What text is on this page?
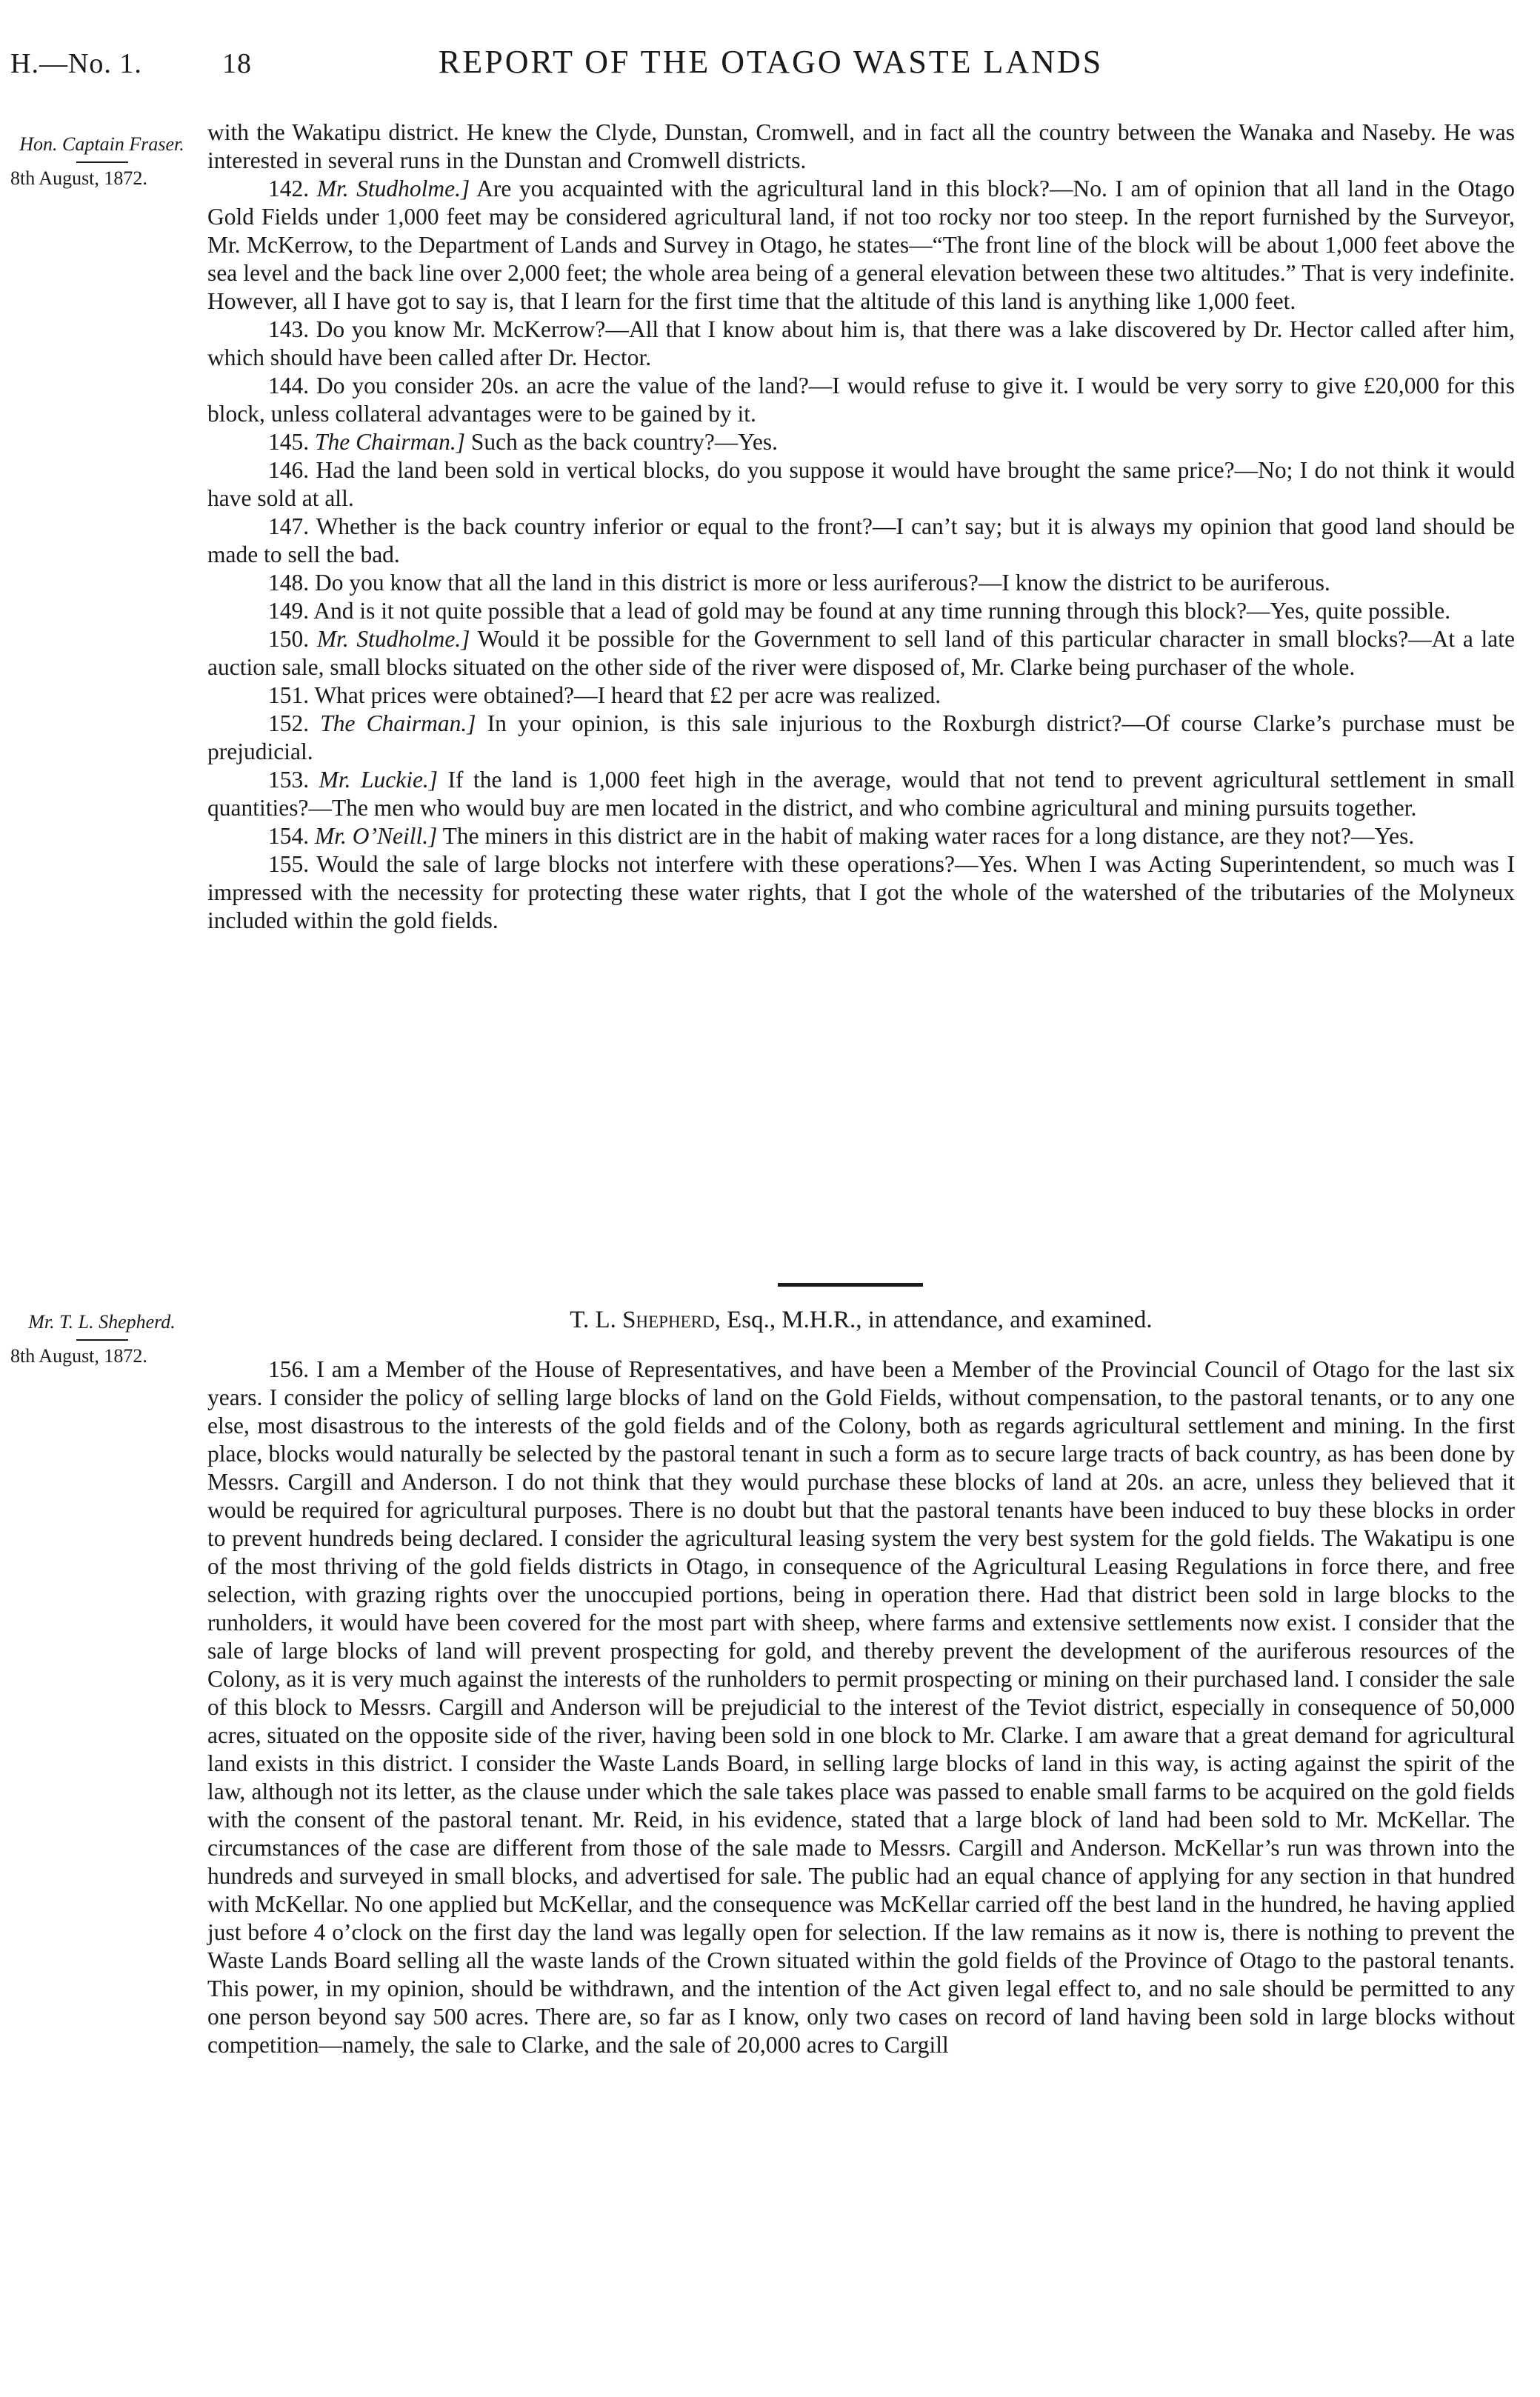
H.—No. 1.	18	REPORT OF THE OTAGO WASTE LANDS
Hon. Captain Fraser.
8th August, 1872.

with the Wakatipu district. He knew the Clyde, Dunstan, Cromwell, and in fact all the country between the Wanaka and Naseby. He was interested in several runs in the Dunstan and Cromwell districts.

142. Mr. Studholme.] Are you acquainted with the agricultural land in this block?—No. I am of opinion that all land in the Otago Gold Fields under 1,000 feet may be considered agricultural land, if not too rocky nor too steep. In the report furnished by the Surveyor, Mr. McKerrow, to the Department of Lands and Survey in Otago, he states—“The front line of the block will be about 1,000 feet above the sea level and the back line over 2,000 feet; the whole area being of a general elevation between these two altitudes.” That is very indefinite. However, all I have got to say is, that I learn for the first time that the altitude of this land is anything like 1,000 feet.

143. Do you know Mr. McKerrow?—All that I know about him is, that there was a lake discovered by Dr. Hector called after him, which should have been called after Dr. Hector.

144. Do you consider 20s. an acre the value of the land?—I would refuse to give it. I would be very sorry to give £20,000 for this block, unless collateral advantages were to be gained by it.

145. The Chairman.] Such as the back country?—Yes.

146. Had the land been sold in vertical blocks, do you suppose it would have brought the same price?—No; I do not think it would have sold at all.

147. Whether is the back country inferior or equal to the front?—I can’t say; but it is always my opinion that good land should be made to sell the bad.

148. Do you know that all the land in this district is more or less auriferous?—I know the district to be auriferous.

149. And is it not quite possible that a lead of gold may be found at any time running through this block?—Yes, quite possible.

150. Mr. Studholme.] Would it be possible for the Government to sell land of this particular character in small blocks?—At a late auction sale, small blocks situated on the other side of the river were disposed of, Mr. Clarke being purchaser of the whole.

151. What prices were obtained?—I heard that £2 per acre was realized.

152. The Chairman.] In your opinion, is this sale injurious to the Roxburgh district?—Of course Clarke’s purchase must be prejudicial.

153. Mr. Luckie.] If the land is 1,000 feet high in the average, would that not tend to prevent agricultural settlement in small quantities?—The men who would buy are men located in the district, and who combine agricultural and mining pursuits together.

154. Mr. O’Neill.] The miners in this district are in the habit of making water races for a long distance, are they not?—Yes.

155. Would the sale of large blocks not interfere with these operations?—Yes. When I was Acting Superintendent, so much was I impressed with the necessity for protecting these water rights, that I got the whole of the watershed of the tributaries of the Molyneux included within the gold fields.

T. L. Shepherd, Esq., M.H.R., in attendance, and examined.
Mr. T. L. Shepherd.
8th August, 1872.

156. I am a Member of the House of Representatives, and have been a Member of the Provincial Council of Otago for the last six years. I consider the policy of selling large blocks of land on the Gold Fields, without compensation, to the pastoral tenants, or to any one else, most disastrous to the interests of the gold fields and of the Colony, both as regards agricultural settlement and mining. In the first place, blocks would naturally be selected by the pastoral tenant in such a form as to secure large tracts of back country, as has been done by Messrs. Cargill and Anderson. I do not think that they would purchase these blocks of land at 20s. an acre, unless they believed that it would be required for agricultural purposes. There is no doubt but that the pastoral tenants have been induced to buy these blocks in order to prevent hundreds being declared. I consider the agricultural leasing system the very best system for the gold fields. The Wakatipu is one of the most thriving of the gold fields districts in Otago, in consequence of the Agricultural Leasing Regulations in force there, and free selection, with grazing rights over the unoccupied portions, being in operation there. Had that district been sold in large blocks to the runholders, it would have been covered for the most part with sheep, where farms and extensive settlements now exist. I consider that the sale of large blocks of land will prevent prospecting for gold, and thereby prevent the development of the auriferous resources of the Colony, as it is very much against the interests of the runholders to permit prospecting or mining on their purchased land. I consider the sale of this block to Messrs. Cargill and Anderson will be prejudicial to the interest of the Teviot district, especially in consequence of 50,000 acres, situated on the opposite side of the river, having been sold in one block to Mr. Clarke. I am aware that a great demand for agricultural land exists in this district. I consider the Waste Lands Board, in selling large blocks of land in this way, is acting against the spirit of the law, although not its letter, as the clause under which the sale takes place was passed to enable small farms to be acquired on the gold fields with the consent of the pastoral tenant. Mr. Reid, in his evidence, stated that a large block of land had been sold to Mr. McKellar. The circumstances of the case are different from those of the sale made to Messrs. Cargill and Anderson. McKellar’s run was thrown into the hundreds and surveyed in small blocks, and advertised for sale. The public had an equal chance of applying for any section in that hundred with McKellar. No one applied but McKellar, and the consequence was McKellar carried off the best land in the hundred, he having applied just before 4 o’clock on the first day the land was legally open for selection. If the law remains as it now is, there is nothing to prevent the Waste Lands Board selling all the waste lands of the Crown situated within the gold fields of the Province of Otago to the pastoral tenants. This power, in my opinion, should be withdrawn, and the intention of the Act given legal effect to, and no sale should be permitted to any one person beyond say 500 acres. There are, so far as I know, only two cases on record of land having been sold in large blocks without competition—namely, the sale to Clarke, and the sale of 20,000 acres to Cargill
